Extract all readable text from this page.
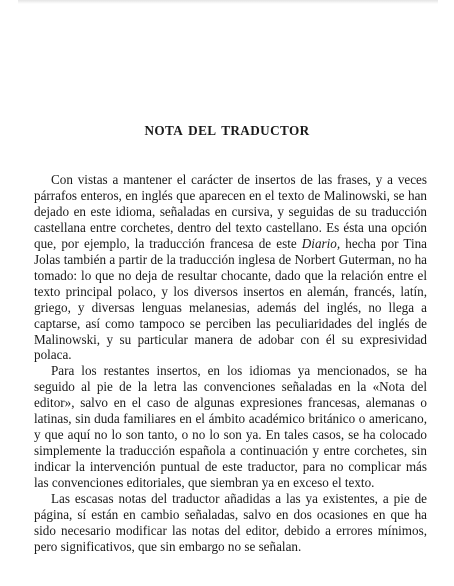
NOTA DEL TRADUCTOR

Con vistas a mantener el carácter de insertos de las frases, y a veces párrafos enteros, en inglés que aparecen en el texto de Malinowski, se han dejado en este idioma, señaladas en cursiva, y seguidas de su traducción castellana entre corchetes, dentro del texto castellano. Es ésta una opción que, por ejemplo, la traducción francesa de este Diario, hecha por Tina Jolas también a partir de la traducción inglesa de Norbert Guterman, no ha tomado: lo que no deja de resultar chocante, dado que la relación entre el texto principal polaco, y los diversos insertos en alemán, francés, latín, griego, y diversas lenguas melanesias, además del inglés, no llega a captarse, así como tampoco se perciben las peculiaridades del inglés de Malinowski, y su particular manera de adobar con él su expresividad polaca.

Para los restantes insertos, en los idiomas ya mencionados, se ha seguido al pie de la letra las convenciones señaladas en la «Nota del editor», salvo en el caso de algunas expresiones francesas, alemanas o latinas, sin duda familiares en el ámbito académico británico o americano, y que aquí no lo son tanto, o no lo son ya. En tales casos, se ha colocado simplemente la traducción española a continuación y entre corchetes, sin indicar la intervención puntual de este traductor, para no complicar más las convenciones editoriales, que siembran ya en exceso el texto.

Las escasas notas del traductor añadidas a las ya existentes, a pie de página, sí están en cambio señaladas, salvo en dos ocasiones en que ha sido necesario modificar las notas del editor, debido a errores mínimos, pero significativos, que sin embargo no se señalan.
